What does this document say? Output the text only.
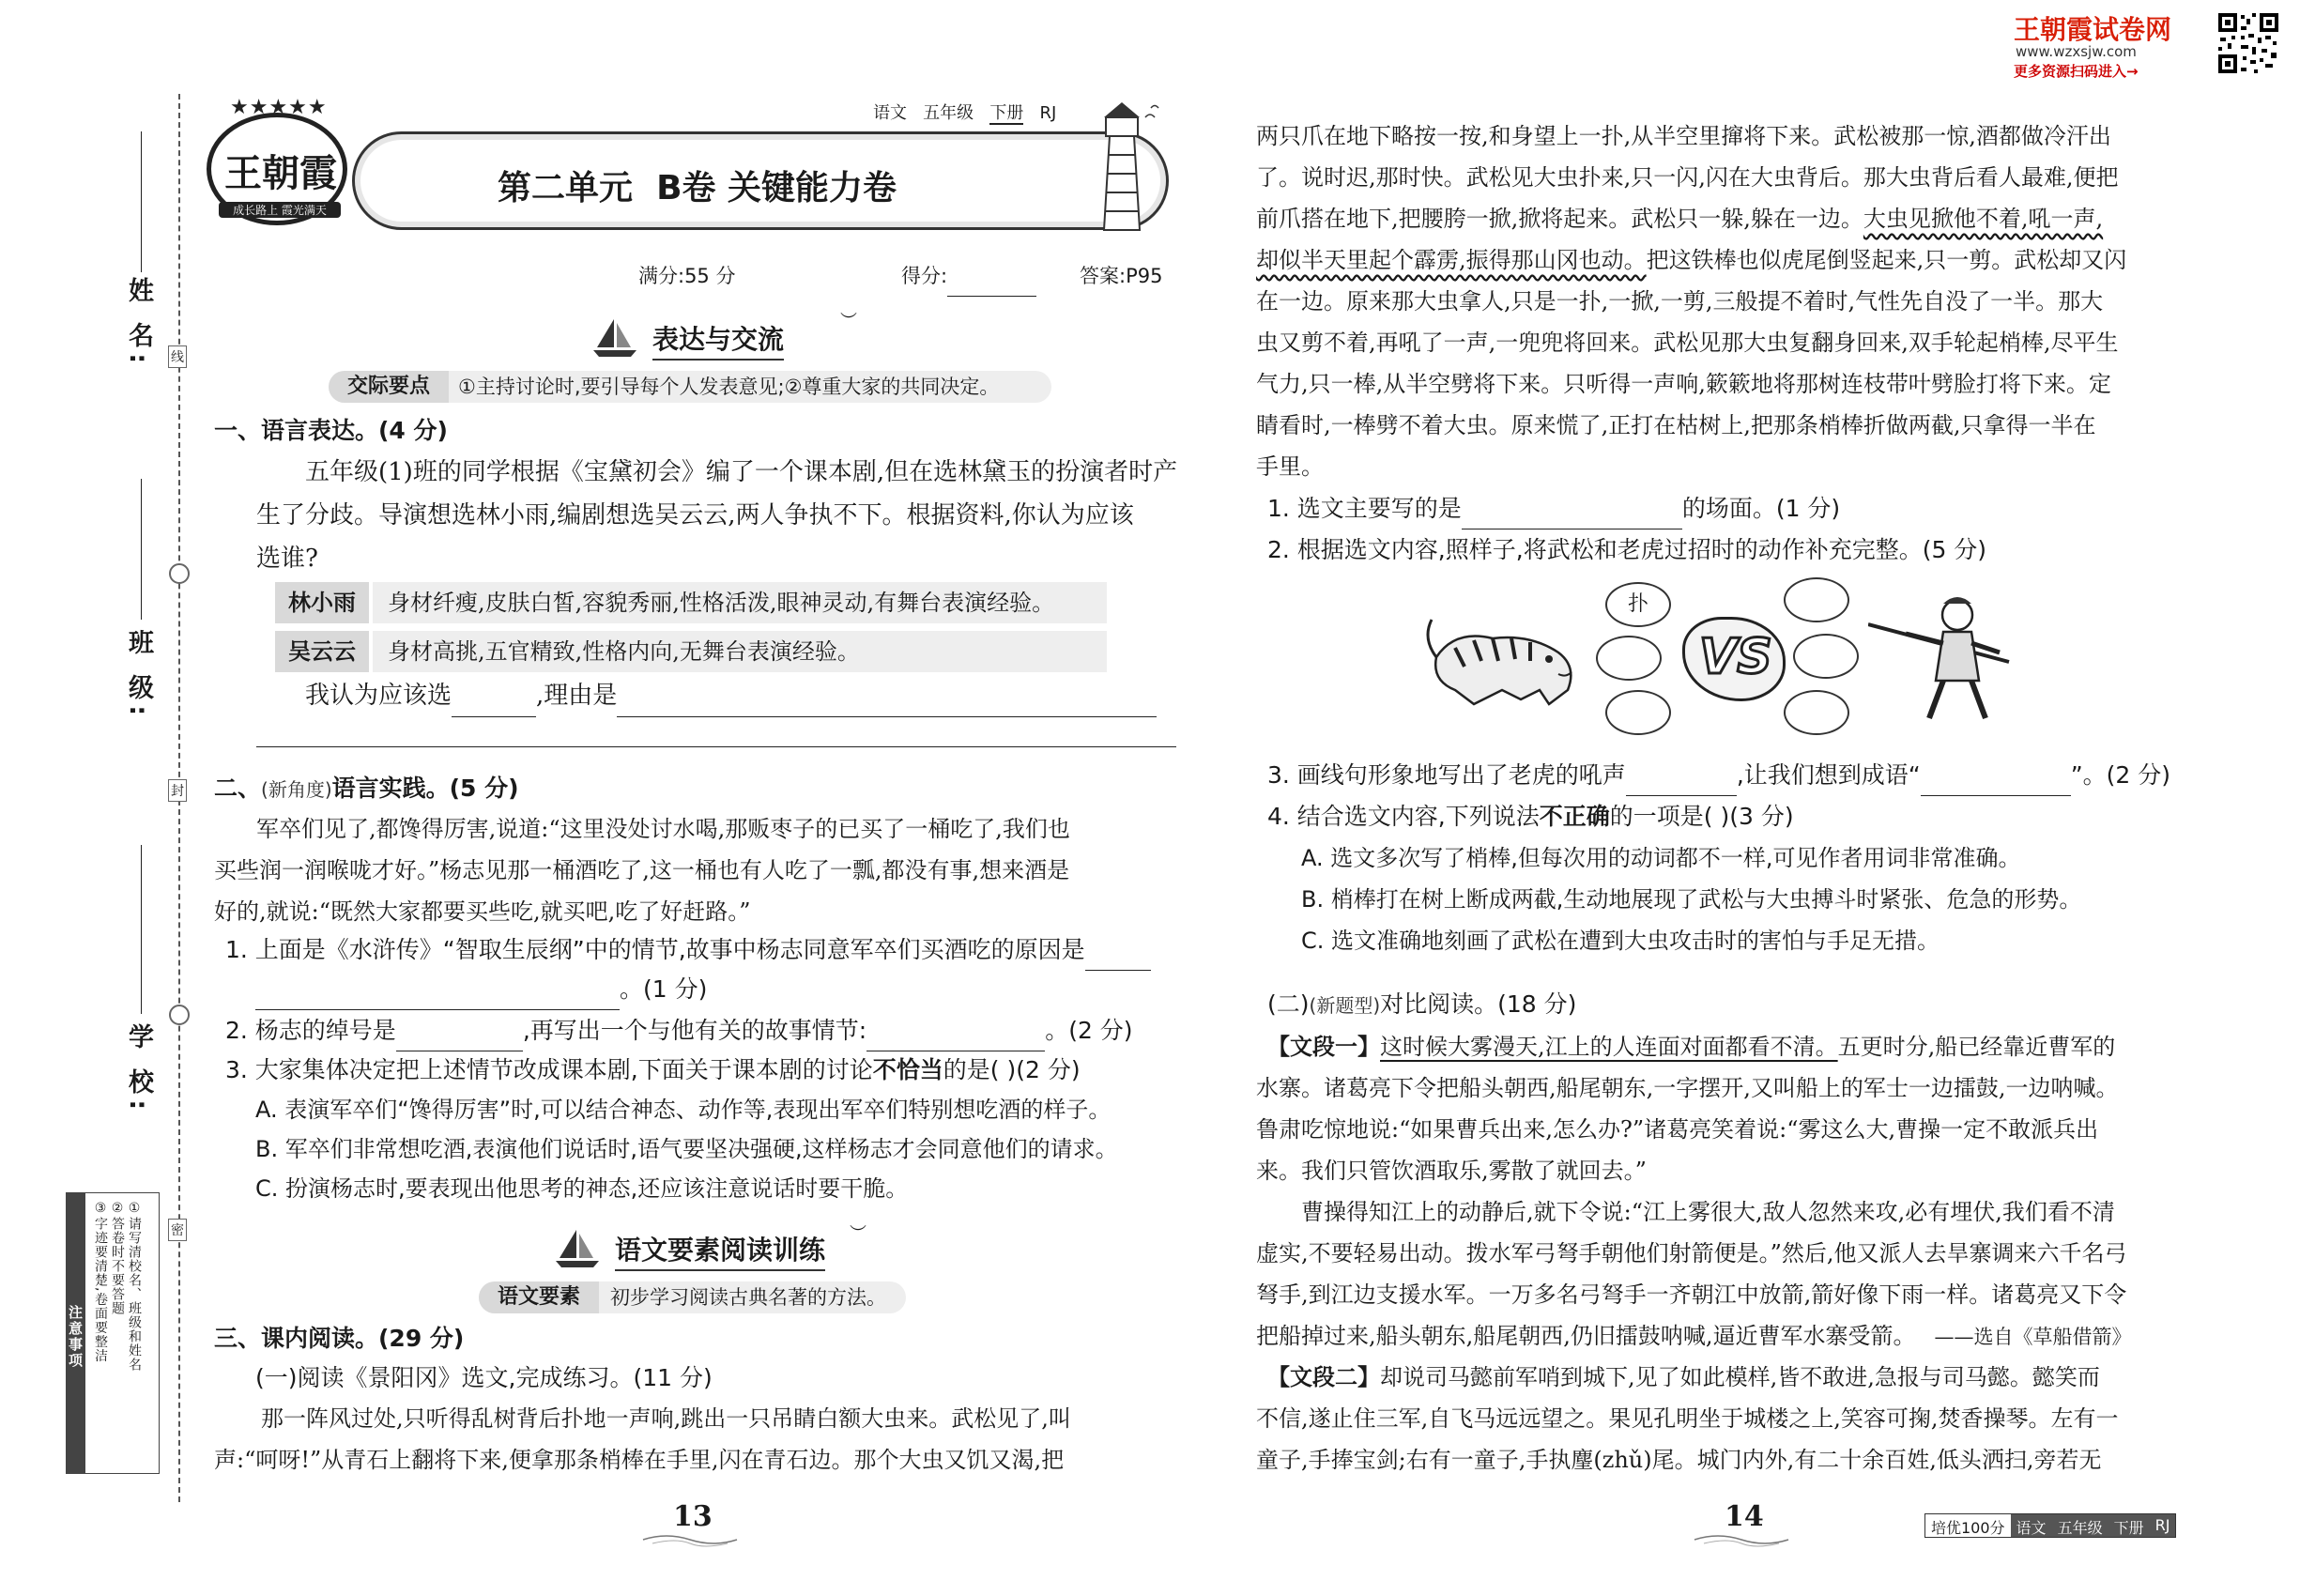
王朝霞试卷网
www.wzxsjw.com
更多资源扫码进入→
姓 名:
班 级:
学 校:
线
封
密
注意事项	①请写清校名、班级和姓名
②答卷时不要答题
③字迹要清楚,卷面要整洁
王朝霞
成长路上 霞光满天
★★★★★	语文 五年级 下册 RJ
第二单元  B卷 关键能力卷
满分:55 分	得分:	答案:P95
表达与交流
︶
交际要点	①主持讨论时,要引导每个人发表意见;②尊重大家的共同决定。
一、语言表达。(4 分)
五年级(1)班的同学根据《宝黛初会》编了一个课本剧,但在选林黛玉的扮演者时产
生了分歧。导演想选林小雨,编剧想选吴云云,两人争执不下。根据资料,你认为应该
选谁?
林小雨	身材纤瘦,皮肤白皙,容貌秀丽,性格活泼,眼神灵动,有舞台表演经验。
吴云云	身材高挑,五官精致,性格内向,无舞台表演经验。
我认为应该选	,理由是
二、(新角度)语言实践。(5 分)
军卒们见了,都馋得厉害,说道:“这里没处讨水喝,那贩枣子的已买了一桶吃了,我们也
买些润一润喉咙才好。”杨志见那一桶酒吃了,这一桶也有人吃了一瓢,都没有事,想来酒是
好的,就说:“既然大家都要买些吃,就买吧,吃了好赶路。”
1. 上面是《水浒传》“智取生辰纲”中的情节,故事中杨志同意军卒们买酒吃的原因是
。(1 分)
2. 杨志的绰号是	,再写出一个与他有关的故事情节:	。(2 分)
3. 大家集体决定把上述情节改成课本剧,下面关于课本剧的讨论不恰当的是( )(2 分)
A. 表演军卒们“馋得厉害”时,可以结合神态、动作等,表现出军卒们特别想吃酒的样子。
B. 军卒们非常想吃酒,表演他们说话时,语气要坚决强硬,这样杨志才会同意他们的请求。
C. 扮演杨志时,要表现出他思考的神态,还应该注意说话时要干脆。
语文要素阅读训练
︶
语文要素	初步学习阅读古典名著的方法。
三、课内阅读。(29 分)
(一)阅读《景阳冈》选文,完成练习。(11 分)
那一阵风过处,只听得乱树背后扑地一声响,跳出一只吊睛白额大虫来。武松见了,叫
声:“呵呀!”从青石上翻将下来,便拿那条梢棒在手里,闪在青石边。那个大虫又饥又渴,把
13
两只爪在地下略按一按,和身望上一扑,从半空里撺将下来。武松被那一惊,酒都做冷汗出
了。说时迟,那时快。武松见大虫扑来,只一闪,闪在大虫背后。那大虫背后看人最难,便把
前爪搭在地下,把腰胯一掀,掀将起来。武松只一躲,躲在一边。大虫见掀他不着,吼一声,
却似半天里起个霹雳,振得那山冈也动。把这铁棒也似虎尾倒竖起来,只一剪。武松却又闪
在一边。原来那大虫拿人,只是一扑,一掀,一剪,三般提不着时,气性先自没了一半。那大
虫又剪不着,再吼了一声,一兜兜将回来。武松见那大虫复翻身回来,双手轮起梢棒,尽平生
气力,只一棒,从半空劈将下来。只听得一声响,簌簌地将那树连枝带叶劈脸打将下来。定
睛看时,一棒劈不着大虫。原来慌了,正打在枯树上,把那条梢棒折做两截,只拿得一半在
手里。
1. 选文主要写的是	的场面。(1 分)
2. 根据选文内容,照样子,将武松和老虎过招时的动作补充完整。(5 分)
扑
VS
3. 画线句形象地写出了老虎的吼声	,让我们想到成语“	”。(2 分)
4. 结合选文内容,下列说法不正确的一项是( )(3 分)
A. 选文多次写了梢棒,但每次用的动词都不一样,可见作者用词非常准确。
B. 梢棒打在树上断成两截,生动地展现了武松与大虫搏斗时紧张、危急的形势。
C. 选文准确地刻画了武松在遭到大虫攻击时的害怕与手足无措。
(二)(新题型)对比阅读。(18 分)
【文段一】这时候大雾漫天,江上的人连面对面都看不清。五更时分,船已经靠近曹军的
水寨。诸葛亮下令把船头朝西,船尾朝东,一字摆开,又叫船上的军士一边擂鼓,一边呐喊。
鲁肃吃惊地说:“如果曹兵出来,怎么办?”诸葛亮笑着说:“雾这么大,曹操一定不敢派兵出
来。我们只管饮酒取乐,雾散了就回去。”
曹操得知江上的动静后,就下令说:“江上雾很大,敌人忽然来攻,必有埋伏,我们看不清
虚实,不要轻易出动。拨水军弓弩手朝他们射箭便是。”然后,他又派人去旱寨调来六千名弓
弩手,到江边支援水军。一万多名弓弩手一齐朝江中放箭,箭好像下雨一样。诸葛亮又下令
把船掉过来,船头朝东,船尾朝西,仍旧擂鼓呐喊,逼近曹军水寨受箭。 ——选自《草船借箭》
【文段二】却说司马懿前军哨到城下,见了如此模样,皆不敢进,急报与司马懿。懿笑而
不信,遂止住三军,自飞马远远望之。果见孔明坐于城楼之上,笑容可掬,焚香操琴。左有一
童子,手捧宝剑;右有一童子,手执麈(zhǔ)尾。城门内外,有二十余百姓,低头洒扫,旁若无
14	培优100分 语文 五年级 下册 RJ
